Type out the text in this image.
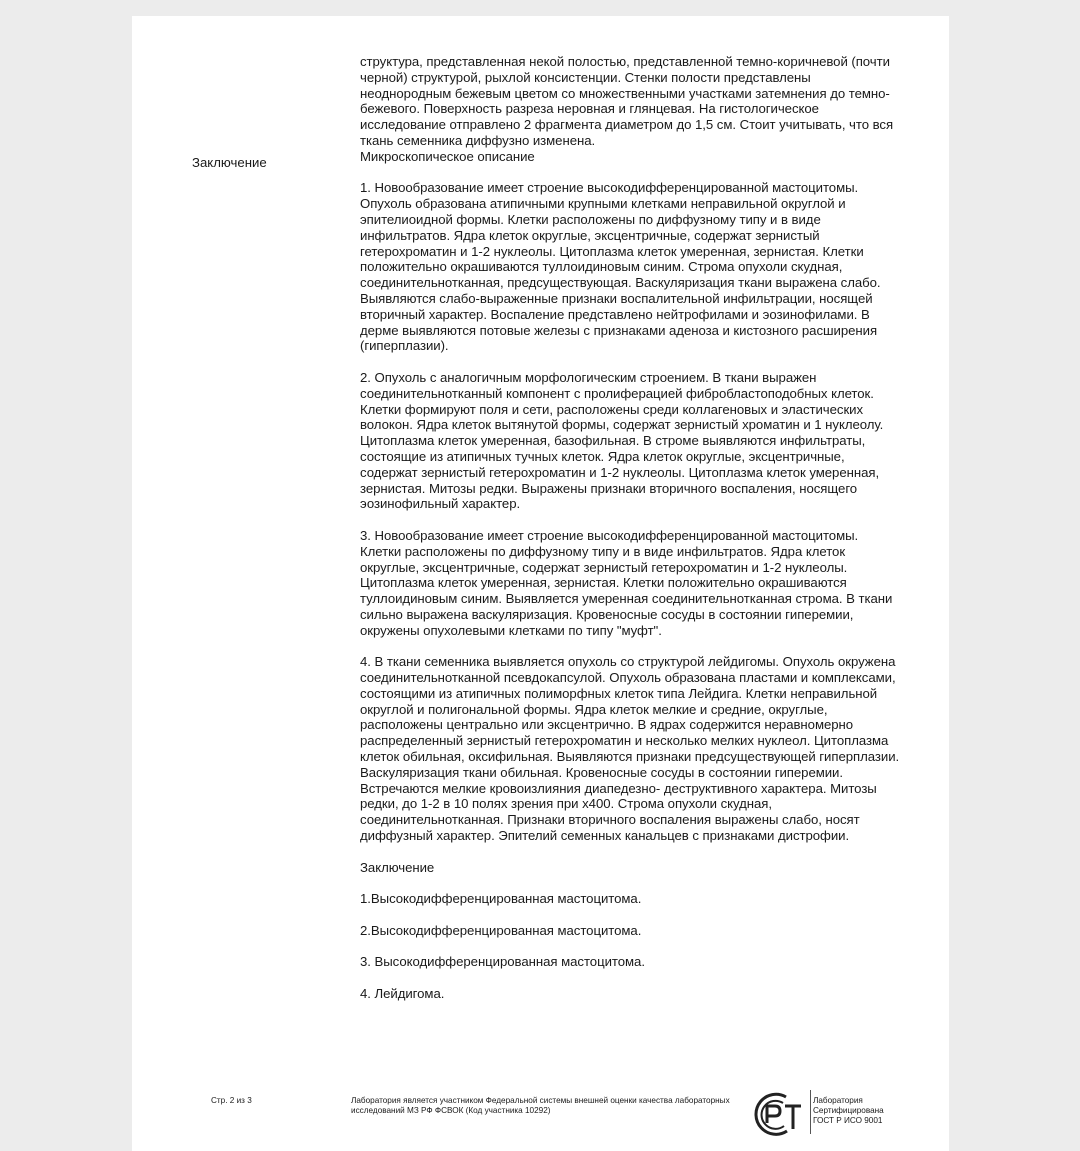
структура, представленная некой полостью, представленной темно-коричневой (почти черной) структурой, рыхлой консистенции. Стенки полости представлены неоднородным бежевым цветом со множественными участками затемнения до темно-бежевого. Поверхность разреза неровная и глянцевая. На гистологическое исследование отправлено 2 фрагмента диаметром до 1,5 см. Стоит учитывать, что вся ткань семенника диффузно изменена.

Микроскопическое описание

1. Новообразование имеет строение высокодифференцированной мастоцитомы. Опухоль образована атипичными крупными клетками неправильной округлой и эпителиоидной формы. Клетки расположены по диффузному типу и в виде инфильтратов. Ядра клеток округлые, эксцентричные, содержат зернистый гетерохроматин и 1-2 нуклеолы. Цитоплазма клеток умеренная, зернистая. Клетки положительно окрашиваются туллоидиновым синим. Строма опухоли скудная, соединительнотканная, предсуществующая. Васкуляризация ткани выражена слабо. Выявляются слабо-выраженные признаки воспалительной инфильтрации, носящей вторичный характер. Воспаление представлено нейтрофилами и эозинофилами. В дерме выявляются потовые железы с признаками аденоза и кистозного расширения (гиперплазии).

2. Опухоль с аналогичным морфологическим строением. В ткани выражен соединительнотканный компонент с пролиферацией фибробластоподобных клеток. Клетки формируют поля и сети, расположены среди коллагеновых и эластических волокон. Ядра клеток вытянутой формы, содержат зернистый хроматин и 1 нуклеолу. Цитоплазма клеток умеренная, базофильная. В строме выявляются инфильтраты, состоящие из атипичных тучных клеток. Ядра клеток округлые, эксцентричные, содержат зернистый гетерохроматин и 1-2 нуклеолы. Цитоплазма клеток умеренная, зернистая. Митозы редки. Выражены признаки вторичного воспаления, носящего эозинофильный характер.

3. Новообразование имеет строение высокодифференцированной мастоцитомы. Клетки расположены по диффузному типу и в виде инфильтратов. Ядра клеток округлые, эксцентричные, содержат зернистый гетерохроматин и 1-2 нуклеолы. Цитоплазма клеток умеренная, зернистая. Клетки положительно окрашиваются туллоидиновым синим. Выявляется умеренная соединительнотканная строма. В ткани сильно выражена васкуляризация. Кровеносные сосуды в состоянии гиперемии, окружены опухолевыми клетками по типу "муфт".

4. В ткани семенника выявляется опухоль со структурой лейдигомы. Опухоль окружена соединительнотканной псевдокапсулой. Опухоль образована пластами и комплексами, состоящими из атипичных полиморфных клеток типа Лейдига. Клетки неправильной округлой и полигональной формы. Ядра клеток мелкие и средние, округлые, расположены центрально или эксцентрично. В ядрах содержится неравномерно распределенный зернистый гетерохроматин и несколько мелких нуклеол. Цитоплазма клеток обильная, оксифильная. Выявляются признаки предсуществующей гиперплазии. Васкуляризация ткани обильная. Кровеносные сосуды в состоянии гиперемии. Встречаются мелкие кровоизлияния диапедезно- деструктивного характера. Митозы редки, до 1-2 в 10 полях зрения при х400. Строма опухоли скудная, соединительнотканная. Признаки вторичного воспаления выражены слабо, носят диффузный характер. Эпителий семенных канальцев с признаками дистрофии.

Заключение

1.Высокодифференцированная мастоцитома.

2.Высокодифференцированная мастоцитома.

3. Высокодифференцированная мастоцитома.

4. Лейдигома.

Заключение
Стр. 2 из 3	Лаборатория является участником Федеральной системы внешней оценки качества лабораторных исследований МЗ РФ ФСВОК (Код участника 10292)
Лаборатория
Сертифицирована
ГОСТ Р ИСО 9001
